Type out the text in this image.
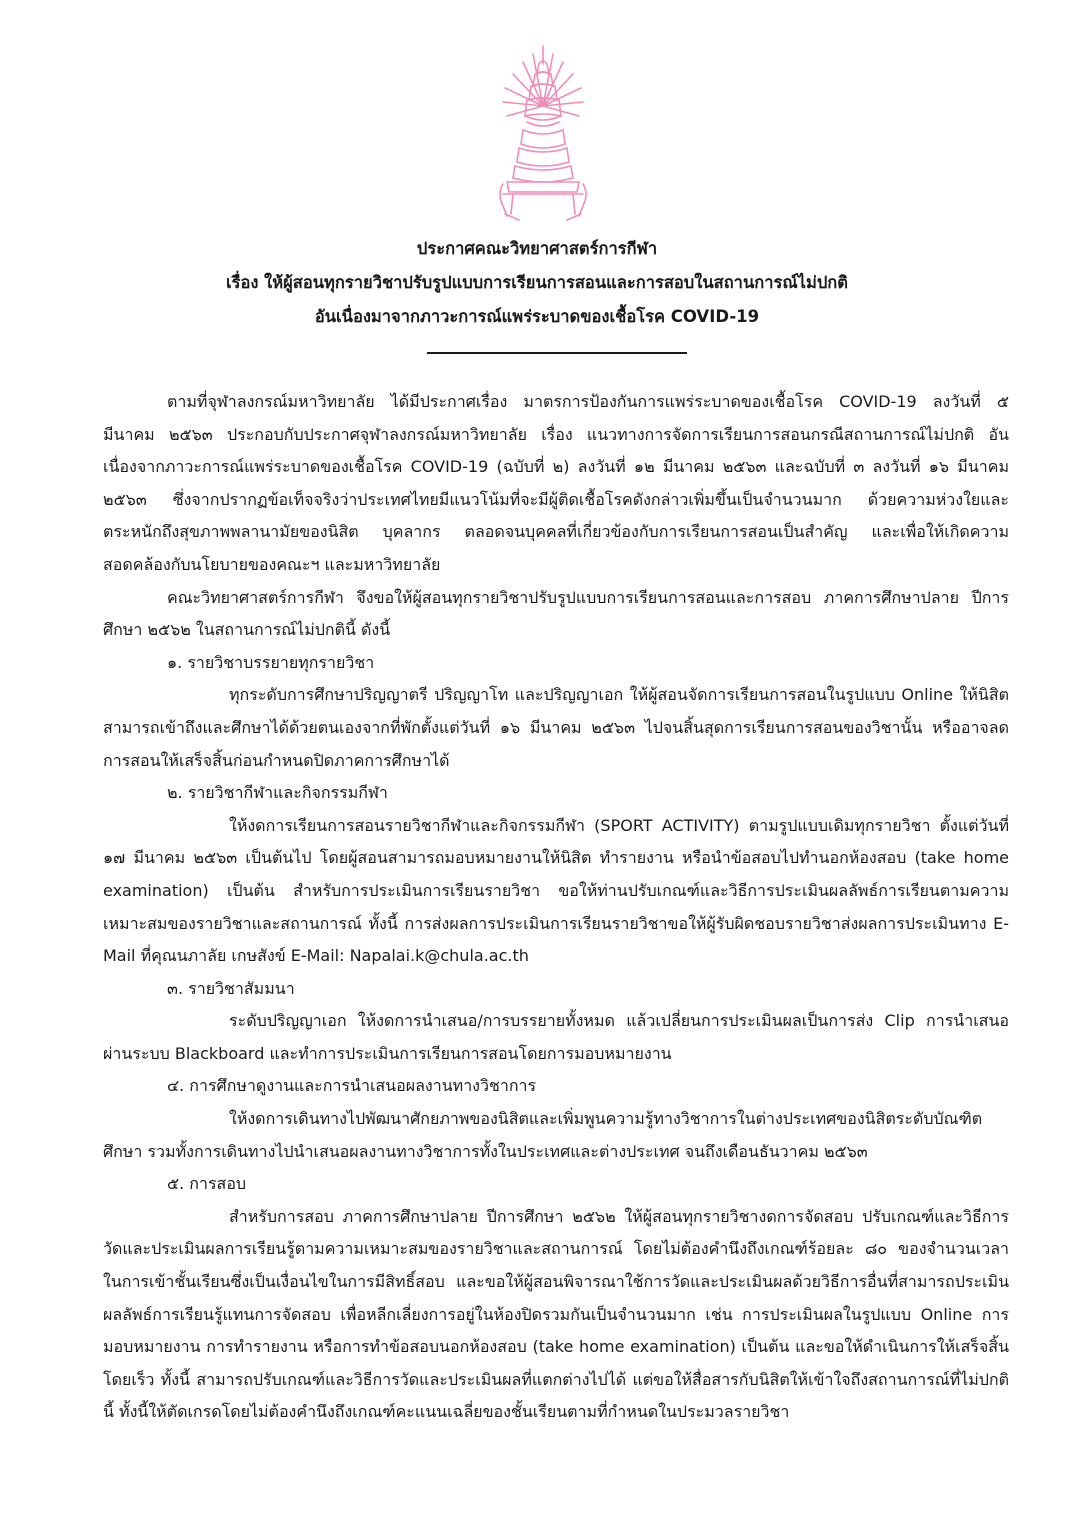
ประกาศคณะวิทยาศาสตร์การกีฬา

เรื่อง ให้ผู้สอนทุกรายวิชาปรับรูปแบบการเรียนการสอนและการสอบในสถานการณ์ไม่ปกติ

อันเนื่องมาจากภาวะการณ์แพร่ระบาดของเชื้อโรค COVID-19

ตามที่จุฬาลงกรณ์มหาวิทยาลัย ได้มีประกาศเรื่อง มาตรการป้องกันการแพร่ระบาดของเชื้อโรค COVID-19 ลงวันที่ ๕ มีนาคม ๒๕๖๓ ประกอบกับประกาศจุฬาลงกรณ์มหาวิทยาลัย เรื่อง แนวทางการจัดการเรียนการสอนกรณีสถานการณ์ไม่ปกติ อันเนื่องจากภาวะการณ์แพร่ระบาดของเชื้อโรค COVID-19 (ฉบับที่ ๒) ลงวันที่ ๑๒ มีนาคม ๒๕๖๓ และฉบับที่ ๓ ลงวันที่ ๑๖ มีนาคม ๒๕๖๓ ซึ่งจากปรากฏข้อเท็จจริงว่าประเทศไทยมีแนวโน้มที่จะมีผู้ติดเชื้อโรคดังกล่าวเพิ่มขึ้นเป็นจำนวนมาก ด้วยความห่วงใยและตระหนักถึงสุขภาพพลานามัยของนิสิต บุคลากร ตลอดจนบุคคลที่เกี่ยวข้องกับการเรียนการสอนเป็นสำคัญ และเพื่อให้เกิดความสอดคล้องกับนโยบายของคณะฯ และมหาวิทยาลัย

คณะวิทยาศาสตร์การกีฬา จึงขอให้ผู้สอนทุกรายวิชาปรับรูปแบบการเรียนการสอนและการสอบ ภาคการศึกษาปลาย ปีการศึกษา ๒๕๖๒ ในสถานการณ์ไม่ปกตินี้ ดังนี้

๑. รายวิชาบรรยายทุกรายวิชา

ทุกระดับการศึกษาปริญญาตรี ปริญญาโท และปริญญาเอก ให้ผู้สอนจัดการเรียนการสอนในรูปแบบ Online ให้นิสิตสามารถเข้าถึงและศึกษาได้ด้วยตนเองจากที่พักตั้งแต่วันที่ ๑๖ มีนาคม ๒๕๖๓ ไปจนสิ้นสุดการเรียนการสอนของวิชานั้น หรืออาจลดการสอนให้เสร็จสิ้นก่อนกำหนดปิดภาคการศึกษาได้

๒. รายวิชากีฬาและกิจกรรมกีฬา

ให้งดการเรียนการสอนรายวิชากีฬาและกิจกรรมกีฬา (SPORT ACTIVITY) ตามรูปแบบเดิมทุกรายวิชา ตั้งแต่วันที่ ๑๗ มีนาคม ๒๕๖๓ เป็นต้นไป โดยผู้สอนสามารถมอบหมายงานให้นิสิต ทำรายงาน หรือนำข้อสอบไปทำนอกห้องสอบ (take home examination) เป็นต้น สำหรับการประเมินการเรียนรายวิชา ขอให้ท่านปรับเกณฑ์และวิธีการประเมินผลลัพธ์การเรียนตามความเหมาะสมของรายวิชาและสถานการณ์ ทั้งนี้ การส่งผลการประเมินการเรียนรายวิชาขอให้ผู้รับผิดชอบรายวิชาส่งผลการประเมินทาง E-Mail ที่คุณนภาลัย เกษสังข์ E-Mail: Napalai.k@chula.ac.th

๓. รายวิชาสัมมนา

ระดับปริญญาเอก ให้งดการนำเสนอ/การบรรยายทั้งหมด แล้วเปลี่ยนการประเมินผลเป็นการส่ง Clip การนำเสนอผ่านระบบ Blackboard และทำการประเมินการเรียนการสอนโดยการมอบหมายงาน

๔. การศึกษาดูงานและการนำเสนอผลงานทางวิชาการ

ให้งดการเดินทางไปพัฒนาศักยภาพของนิสิตและเพิ่มพูนความรู้ทางวิชาการในต่างประเทศของนิสิตระดับบัณฑิตศึกษา รวมทั้งการเดินทางไปนำเสนอผลงานทางวิชาการทั้งในประเทศและต่างประเทศ จนถึงเดือนธันวาคม ๒๕๖๓

๕. การสอบ

สำหรับการสอบ ภาคการศึกษาปลาย ปีการศึกษา ๒๕๖๒ ให้ผู้สอนทุกรายวิชางดการจัดสอบ ปรับเกณฑ์และวิธีการวัดและประเมินผลการเรียนรู้ตามความเหมาะสมของรายวิชาและสถานการณ์ โดยไม่ต้องคำนึงถึงเกณฑ์ร้อยละ ๘๐ ของจำนวนเวลาในการเข้าชั้นเรียนซึ่งเป็นเงื่อนไขในการมีสิทธิ์สอบ และขอให้ผู้สอนพิจารณาใช้การวัดและประเมินผลด้วยวิธีการอื่นที่สามารถประเมินผลลัพธ์การเรียนรู้แทนการจัดสอบ เพื่อหลีกเลี่ยงการอยู่ในห้องปิดรวมกันเป็นจำนวนมาก เช่น การประเมินผลในรูปแบบ Online การมอบหมายงาน การทำรายงาน หรือการทำข้อสอบนอกห้องสอบ (take home examination) เป็นต้น และขอให้ดำเนินการให้เสร็จสิ้นโดยเร็ว ทั้งนี้ สามารถปรับเกณฑ์และวิธีการวัดและประเมินผลที่แตกต่างไปได้ แต่ขอให้สื่อสารกับนิสิตให้เข้าใจถึงสถานการณ์ที่ไม่ปกตินี้ ทั้งนี้ให้ตัดเกรดโดยไม่ต้องคำนึงถึงเกณฑ์คะแนนเฉลี่ยของชั้นเรียนตามที่กำหนดในประมวลรายวิชา
